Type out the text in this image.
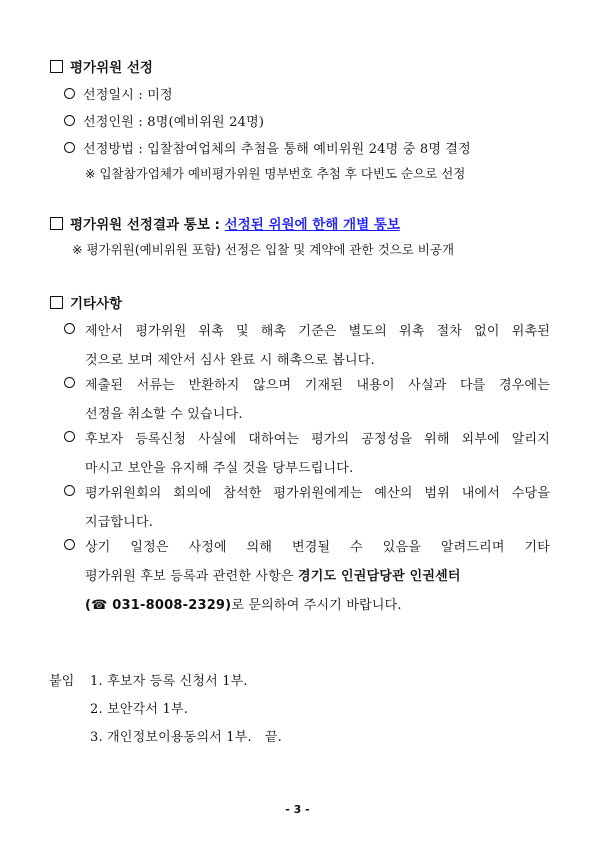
평가위원 선정
선정일시 : 미정
선정인원 : 8명(예비위원 24명)
선정방법 : 입찰참여업체의 추첨을 통해 예비위원 24명 중 8명 결정
※ 입찰참가업체가 예비평가위원 명부번호 추첨 후 다빈도 순으로 선정
평가위원 선정결과 통보 : 선정된 위원에 한해 개별 통보
※ 평가위원(예비위원 포함) 선정은 입찰 및 계약에 관한 것으로 비공개
기타사항
제안서 평가위원 위촉 및 해촉 기준은 별도의 위촉 절차 없이 위촉된
것으로 보며 제안서 심사 완료 시 해촉으로 봅니다.
제출된 서류는 반환하지 않으며 기재된 내용이 사실과 다를 경우에는
선정을 취소할 수 있습니다.
후보자 등록신청 사실에 대하여는 평가의 공정성을 위해 외부에 알리지
마시고 보안을 유지해 주실 것을 당부드립니다.
평가위원회의 회의에 참석한 평가위원에게는 예산의 범위 내에서 수당을
지급합니다.
상기 일정은 사정에 의해 변경될 수 있음을 알려드리며 기타
평가위원 후보 등록과 관련한 사항은 경기도 인권담당관 인권센터
(☎ 031-8008-2329)로 문의하여 주시기 바랍니다.
붙임 1. 후보자 등록 신청서 1부.
2. 보안각서 1부.
3. 개인정보이용동의서 1부.   끝.
- 3 -
